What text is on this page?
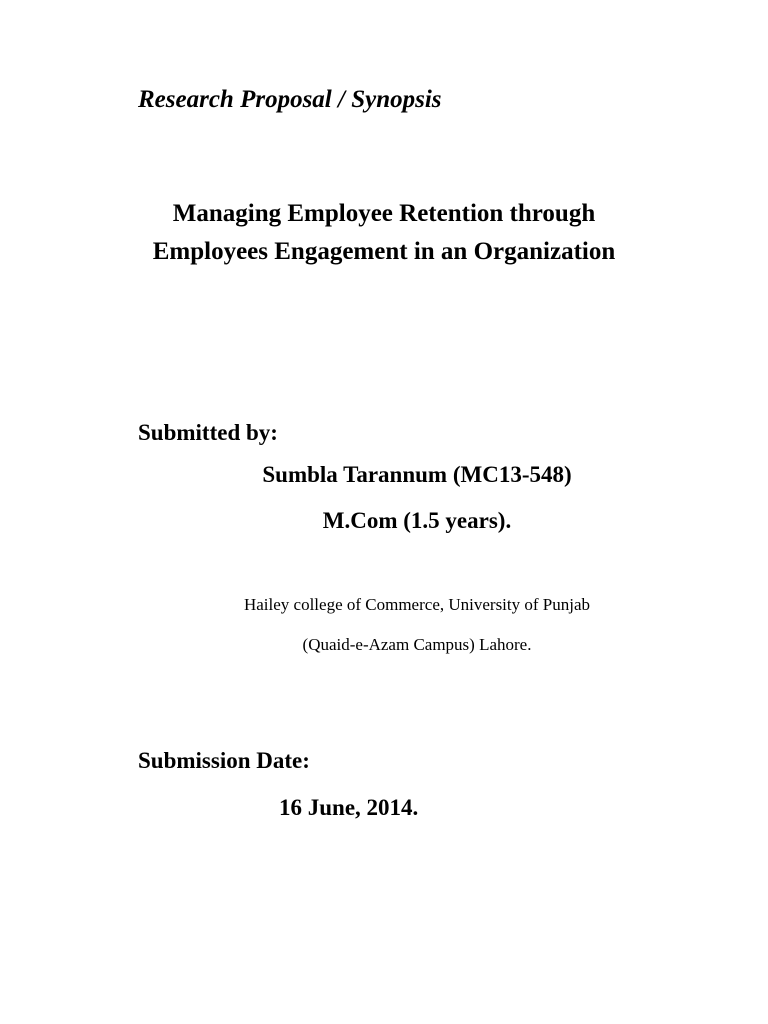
Research Proposal / Synopsis
Managing Employee Retention through
Employees Engagement in an Organization
Submitted by:
Sumbla Tarannum (MC13-548)
M.Com (1.5 years).
Hailey college of Commerce, University of Punjab
(Quaid-e-Azam Campus) Lahore.
Submission Date:
16 June, 2014.
